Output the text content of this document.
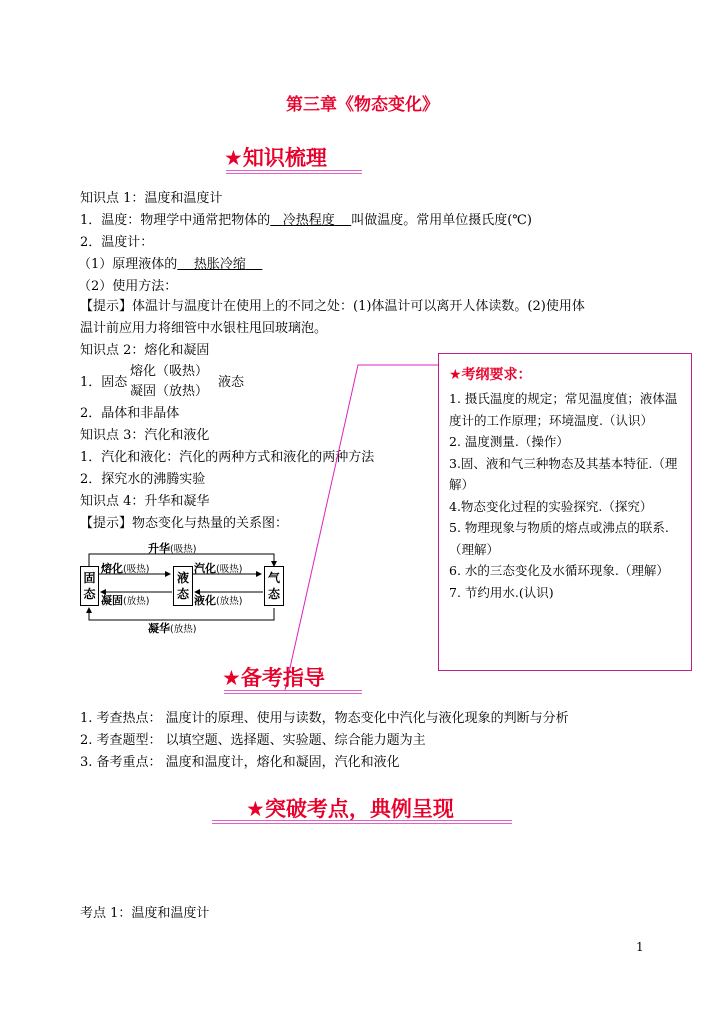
第三章《物态变化》
★知识梳理
知识点 1：温度和温度计
1．温度：物理学中通常把物体的 冷热程度 叫做温度。常用单位摄氏度(℃)
2．温度计：
（1）原理液体的 热胀冷缩
（2）使用方法：
【提示】体温计与温度计在使用上的不同之处：(1)体温计可以离开人体读数。(2)使用体
温计前应用力将细管中水银柱甩回玻璃泡。
知识点 2：熔化和凝固
1．固态
熔化（吸热）
凝固（放热）
液态
2．晶体和非晶体
知识点 3：汽化和液化
1．汽化和液化：汽化的两种方式和液化的两种方法
2．探究水的沸腾实验
知识点 4：升华和凝华
【提示】物态变化与热量的关系图：
固
态
液
态
气
态
升华(吸热)
凝华(放热)
熔化(吸热)
凝固(放热)
汽化(吸热)
液化(放热)
★考纲要求：

1. 摄氏温度的规定；常见温度值；液体温度计的工作原理；环境温度.（认识）

2. 温度测量.（操作）

3.固、液和气三种物态及其基本特征.（理解）

4.物态变化过程的实验探究.（探究）

5. 物理现象与物质的熔点或沸点的联系.（理解）

6. 水的三态变化及水循环现象.（理解）

7. 节约用水.(认识)

★备考指导
1. 考查热点： 温度计的原理、使用与读数，物态变化中汽化与液化现象的判断与分析
2. 考查题型： 以填空题、选择题、实验题、综合能力题为主
3. 备考重点： 温度和温度计，熔化和凝固，汽化和液化
★突破考点，典例呈现
考点 1：温度和温度计
1
